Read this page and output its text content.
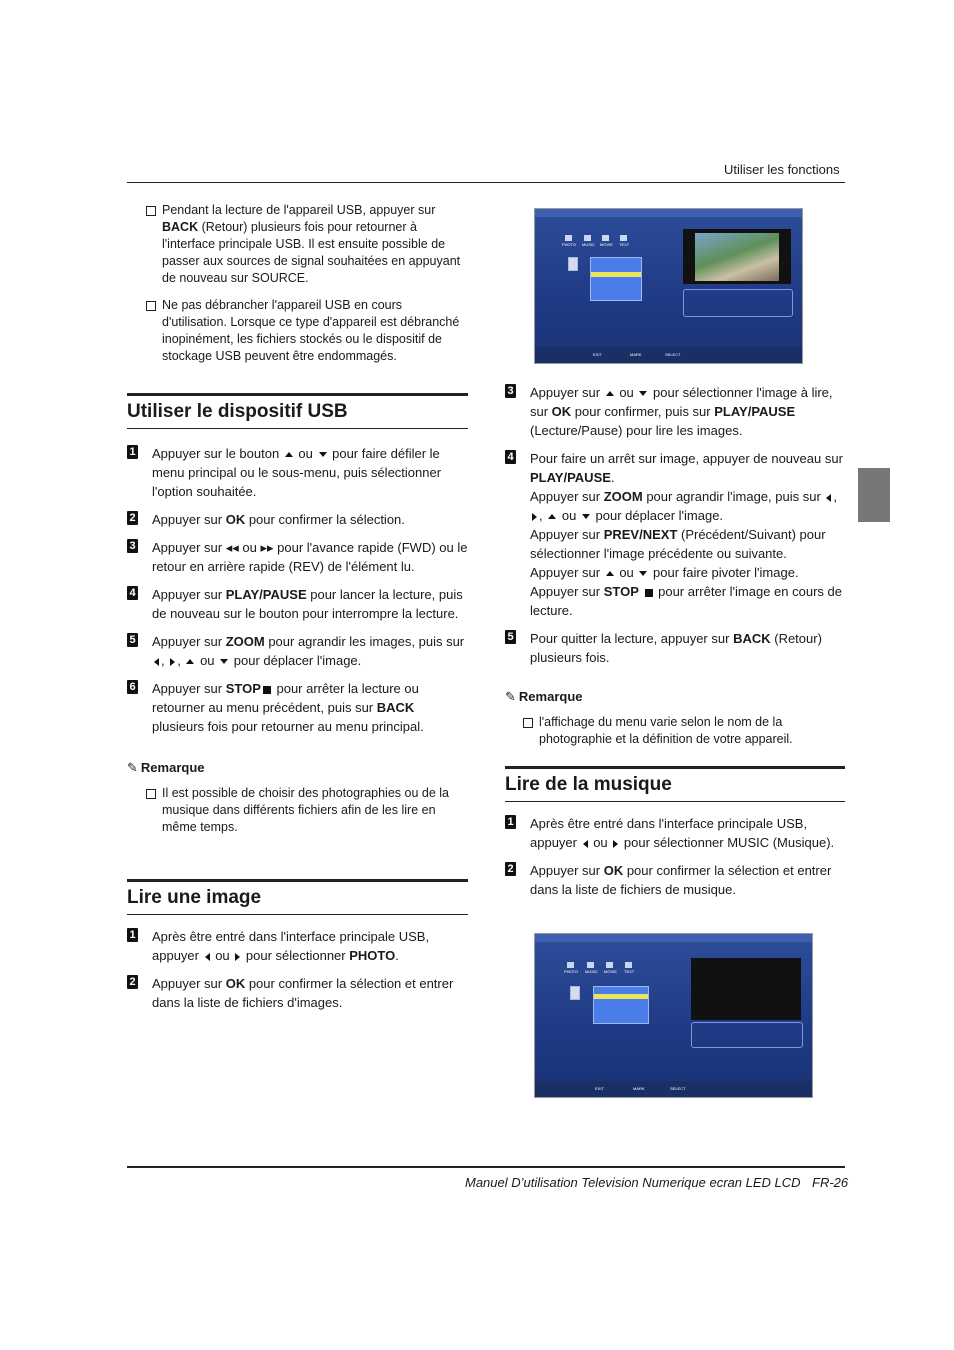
Utiliser les fonctions
Pendant la lecture de l'appareil USB, appuyer sur BACK (Retour) plusieurs fois pour retourner à l'interface principale USB. Il est ensuite possible de passer aux sources de signal souhaitées en appuyant de nouveau sur SOURCE.
Ne pas débrancher l'appareil USB en cours d'utilisation. Lorsque ce type d'appareil est débranché inopinément, les fichiers stockés ou le dispositif de stockage USB peuvent être endommagés.
Utiliser le dispositif USB
1 Appuyer sur le bouton  ou  pour faire défiler le menu principal ou le sous-menu, puis sélectionner l'option souhaitée.
2 Appuyer sur OK pour confirmer la sélection.
3 Appuyer sur ◂◂ ou ▸▸ pour l'avance rapide (FWD) ou le retour en arrière rapide (REV) de l'élément lu.
4 Appuyer sur PLAY/PAUSE pour lancer la lecture, puis de nouveau sur le bouton pour interrompre la lecture.
5 Appuyer sur ZOOM pour agrandir les images, puis sur , ,  ou  pour déplacer l'image.
6 Appuyer sur STOP pour arrêter la lecture ou retourner au menu précédent, puis sur BACK plusieurs fois pour retourner au menu principal.
✎ Remarque
Il est possible de choisir des photographies ou de la musique dans différents fichiers afin de les lire en même temps.
Lire une image
1 Après être entré dans l'interface principale USB, appuyer  ou  pour sélectionner PHOTO.
2 Appuyer sur OK pour confirmer la sélection et entrer dans la liste de fichiers d'images.
PHOTO MUSIC MOVIE TEXT
EXIT	MARK	SELECT
3 Appuyer sur  ou  pour sélectionner l'image à lire, sur OK pour confirmer, puis sur PLAY/PAUSE (Lecture/Pause) pour lire les images.
4 Pour faire un arrêt sur image, appuyer de nouveau sur PLAY/PAUSE.
Appuyer sur ZOOM pour agrandir l'image, puis sur , ,  ou  pour déplacer l'image.
Appuyer sur PREV/NEXT (Précédent/Suivant) pour sélectionner l'image précédente ou suivante.
Appuyer sur  ou  pour faire pivoter l'image.
Appuyer sur STOP  pour arrêter l'image en cours de lecture.
5 Pour quitter la lecture, appuyer sur BACK (Retour) plusieurs fois.
✎ Remarque
l'affichage du menu varie selon le nom de la photographie et la définition de votre appareil.
Lire de la musique
1 Après être entré dans l'interface principale USB, appuyer  ou  pour sélectionner MUSIC (Musique).
2 Appuyer sur OK pour confirmer la sélection et entrer dans la liste de fichiers de musique.
PHOTO MUSIC MOVIE TEXT
EXIT	MARK	SELECT
Manuel D’utilisation Television Numerique ecran LED LCD FR-26
